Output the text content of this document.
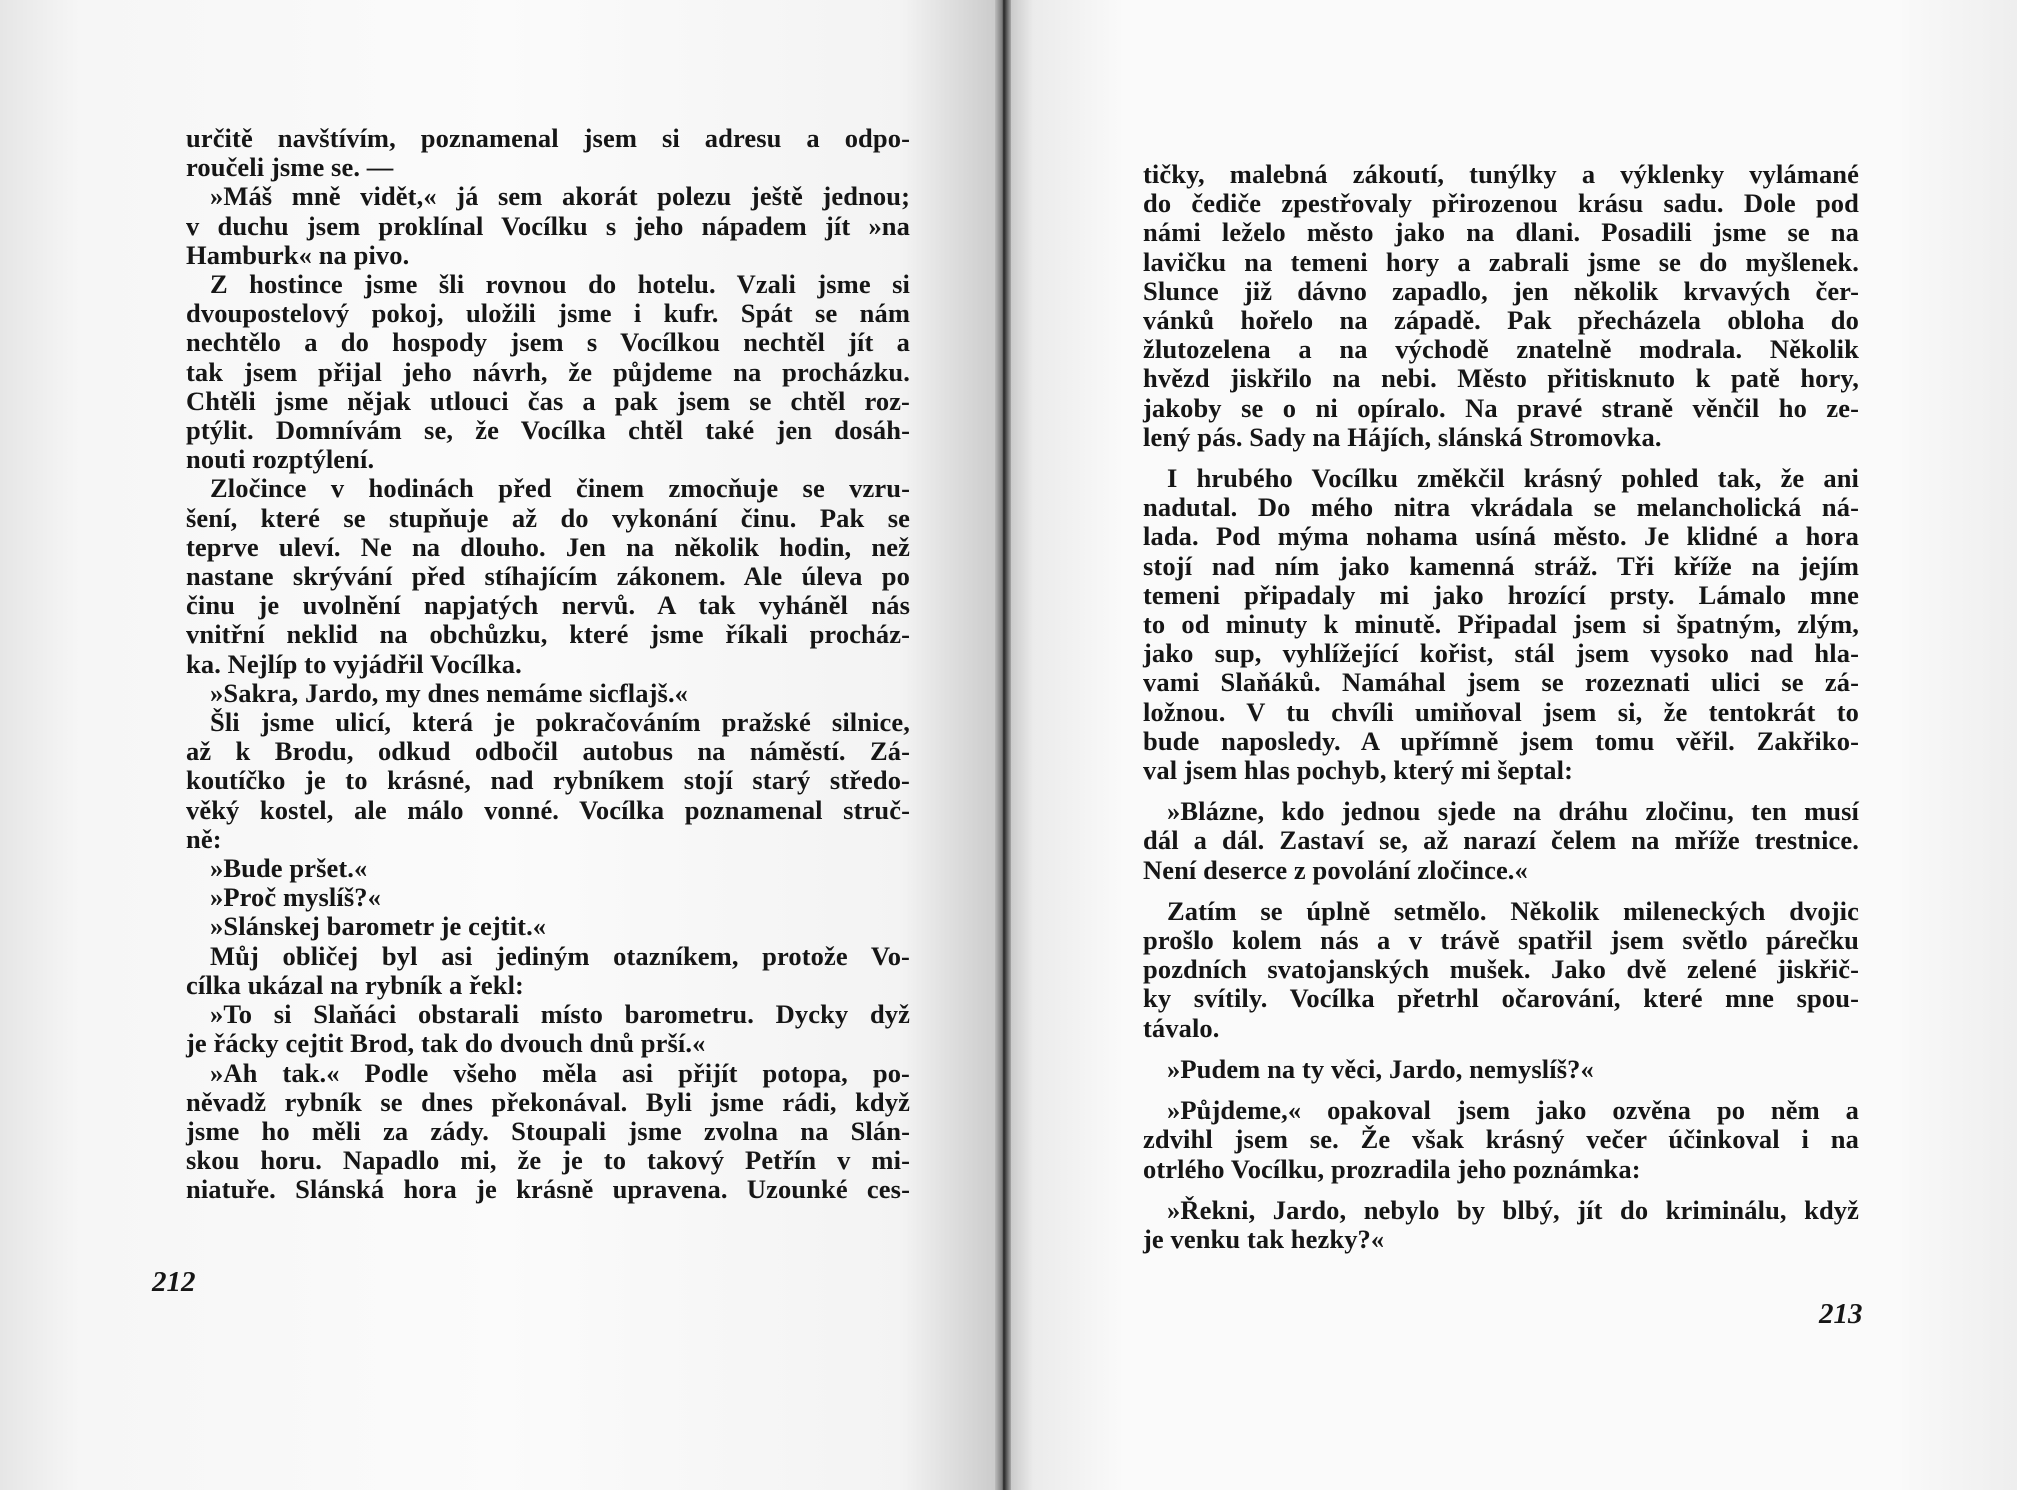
určitě navštívím, poznamenal jsem si adresu a odpo-
roučeli jsme se. —
»Máš mně vidět,« já sem akorát polezu ještě jednou;
v duchu jsem proklínal Vocílku s jeho nápadem jít »na
Hamburk« na pivo.
Z hostince jsme šli rovnou do hotelu. Vzali jsme si
dvoupostelový pokoj, uložili jsme i kufr. Spát se nám
nechtělo a do hospody jsem s Vocílkou nechtěl jít a
tak jsem přijal jeho návrh, že půjdeme na procházku.
Chtěli jsme nějak utlouci čas a pak jsem se chtěl roz-
ptýlit. Domnívám se, že Vocílka chtěl také jen dosáh-
nouti rozptýlení.
Zločince v hodinách před činem zmocňuje se vzru-
šení, které se stupňuje až do vykonání činu. Pak se
teprve uleví. Ne na dlouho. Jen na několik hodin, než
nastane skrývání před stíhajícím zákonem. Ale úleva po
činu je uvolnění napjatých nervů. A tak vyháněl nás
vnitřní neklid na obchůzku, které jsme říkali procház-
ka. Nejlíp to vyjádřil Vocílka.
»Sakra, Jardo, my dnes nemáme sicflajš.«
Šli jsme ulicí, která je pokračováním pražské silnice,
až k Brodu, odkud odbočil autobus na náměstí. Zá-
koutíčko je to krásné, nad rybníkem stojí starý středo-
věký kostel, ale málo vonné. Vocílka poznamenal struč-
ně:
»Bude pršet.«
»Proč myslíš?«
»Slánskej barometr je cejtit.«
Můj obličej byl asi jediným otazníkem, protože Vo-
cílka ukázal na rybník a řekl:
»To si Slaňáci obstarali místo barometru. Dycky dyž
je řácky cejtit Brod, tak do dvouch dnů prší.«
»Ah tak.« Podle všeho měla asi přijít potopa, po-
něvadž rybník se dnes překonával. Byli jsme rádi, když
jsme ho měli za zády. Stoupali jsme zvolna na Slán-
skou horu. Napadlo mi, že je to takový Petřín v mi-
niatuře. Slánská hora je krásně upravena. Uzounké ces-
212
tičky, malebná zákoutí, tunýlky a výklenky vylámané
do čediče zpestřovaly přirozenou krásu sadu. Dole pod
námi leželo město jako na dlani. Posadili jsme se na
lavičku na temeni hory a zabrali jsme se do myšlenek.
Slunce již dávno zapadlo, jen několik krvavých čer-
vánků hořelo na západě. Pak přecházela obloha do
žlutozelena a na východě znatelně modrala. Několik
hvězd jiskřilo na nebi. Město přitisknuto k patě hory,
jakoby se o ni opíralo. Na pravé straně věnčil ho ze-
lený pás. Sady na Hájích, slánská Stromovka.
I hrubého Vocílku změkčil krásný pohled tak, že ani
nadutal. Do mého nitra vkrádala se melancholická ná-
lada. Pod mýma nohama usíná město. Je klidné a hora
stojí nad ním jako kamenná stráž. Tři kříže na jejím
temeni připadaly mi jako hrozící prsty. Lámalo mne
to od minuty k minutě. Připadal jsem si špatným, zlým,
jako sup, vyhlížející kořist, stál jsem vysoko nad hla-
vami Slaňáků. Namáhal jsem se rozeznati ulici se zá-
ložnou. V tu chvíli umiňoval jsem si, že tentokrát to
bude naposledy. A upřímně jsem tomu věřil. Zakřiko-
val jsem hlas pochyb, který mi šeptal:
»Blázne, kdo jednou sjede na dráhu zločinu, ten musí
dál a dál. Zastaví se, až narazí čelem na mříže trestnice.
Není deserce z povolání zločince.«
Zatím se úplně setmělo. Několik mileneckých dvojic
prošlo kolem nás a v trávě spatřil jsem světlo párečku
pozdních svatojanských mušek. Jako dvě zelené jiskřič-
ky svítily. Vocílka přetrhl očarování, které mne spou-
távalo.
»Pudem na ty věci, Jardo, nemyslíš?«
»Půjdeme,« opakoval jsem jako ozvěna po něm a
zdvihl jsem se. Že však krásný večer účinkoval i na
otrlého Vocílku, prozradila jeho poznámka:
»Řekni, Jardo, nebylo by blbý, jít do kriminálu, když
je venku tak hezky?«
213
